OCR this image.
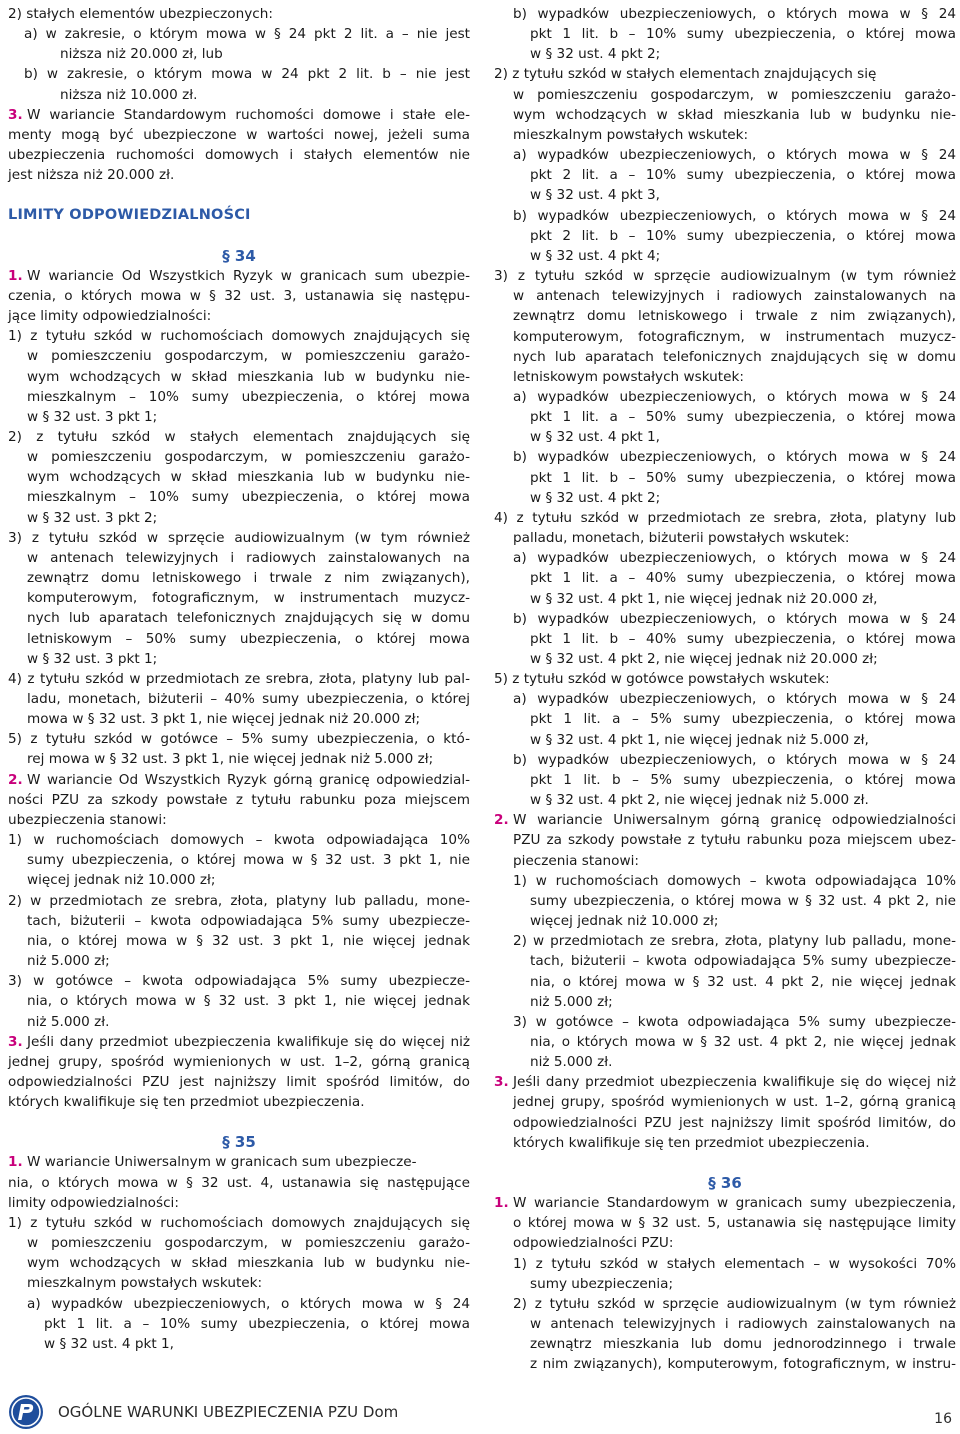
2) stałych elementów ubezpieczonych:
a) w zakresie, o którym mowa w § 24 pkt 2 lit. a – nie jest
niższa niż 20.000 zł, lub
b) w zakresie, o którym mowa w 24 pkt 2 lit. b – nie jest
niższa niż 10.000 zł.
3. W wariancie Standardowym ruchomości domowe i stałe ele-
menty mogą być ubezpieczone w wartości nowej, jeżeli suma
ubezpieczenia ruchomości domowych i stałych elementów nie
jest niższa niż 20.000 zł.
LIMITY ODPOWIEDZIALNOŚCI
§ 34
1. W wariancie Od Wszystkich Ryzyk w granicach sum ubezpie-
czenia, o których mowa w § 32 ust. 3, ustanawia się następu-
jące limity odpowiedzialności:
1) z tytułu szkód w ruchomościach domowych znajdujących się
w pomieszczeniu gospodarczym, w pomieszczeniu garażo-
wym wchodzących w skład mieszkania lub w budynku nie-
mieszkalnym – 10% sumy ubezpieczenia, o której mowa
w § 32 ust. 3 pkt 1;
2) z tytułu szkód w stałych elementach znajdujących się
w pomieszczeniu gospodarczym, w pomieszczeniu garażo-
wym wchodzących w skład mieszkania lub w budynku nie-
mieszkalnym – 10% sumy ubezpieczenia, o której mowa
w § 32 ust. 3 pkt 2;
3) z tytułu szkód w sprzęcie audiowizualnym (w tym również
w antenach telewizyjnych i radiowych zainstalowanych na
zewnątrz domu letniskowego i trwale z nim związanych),
komputerowym, fotograficznym, w instrumentach muzycz-
nych lub aparatach telefonicznych znajdujących się w domu
letniskowym – 50% sumy ubezpieczenia, o której mowa
w § 32 ust. 3 pkt 1;
4) z tytułu szkód w przedmiotach ze srebra, złota, platyny lub pal-
ladu, monetach, biżuterii – 40% sumy ubezpieczenia, o której
mowa w § 32 ust. 3 pkt 1, nie więcej jednak niż 20.000 zł;
5) z tytułu szkód w gotówce – 5% sumy ubezpieczenia, o któ-
rej mowa w § 32 ust. 3 pkt 1, nie więcej jednak niż 5.000 zł;
2. W wariancie Od Wszystkich Ryzyk górną granicę odpowiedzial-
ności PZU za szkody powstałe z tytułu rabunku poza miejscem
ubezpieczenia stanowi:
1) w ruchomościach domowych – kwota odpowiadająca 10%
sumy ubezpieczenia, o której mowa w § 32 ust. 3 pkt 1, nie
więcej jednak niż 10.000 zł;
2) w przedmiotach ze srebra, złota, platyny lub palladu, mone-
tach, biżuterii – kwota odpowiadająca 5% sumy ubezpiecze-
nia, o której mowa w § 32 ust. 3 pkt 1, nie więcej jednak
niż 5.000 zł;
3) w gotówce – kwota odpowiadająca 5% sumy ubezpiecze-
nia, o których mowa w § 32 ust. 3 pkt 1, nie więcej jednak
niż 5.000 zł.
3. Jeśli dany przedmiot ubezpieczenia kwalifikuje się do więcej niż
jednej grupy, spośród wymienionych w ust. 1–2, górną granicą
odpowiedzialności PZU jest najniższy limit spośród limitów, do
których kwalifikuje się ten przedmiot ubezpieczenia.
§ 35
1. W wariancie Uniwersalnym w granicach sum ubezpiecze-
nia, o których mowa w § 32 ust. 4, ustanawia się następujące
limity odpowiedzialności:
1) z tytułu szkód w ruchomościach domowych znajdujących się
w pomieszczeniu gospodarczym, w pomieszczeniu garażo-
wym wchodzących w skład mieszkania lub w budynku nie-
mieszkalnym powstałych wskutek:
a) wypadków ubezpieczeniowych, o których mowa w § 24
pkt 1 lit. a – 10% sumy ubezpieczenia, o której mowa
w § 32 ust. 4 pkt 1,
b) wypadków ubezpieczeniowych, o których mowa w § 24
pkt 1 lit. b – 10% sumy ubezpieczenia, o której mowa
w § 32 ust. 4 pkt 2;
2) z tytułu szkód w stałych elementach znajdujących się
w pomieszczeniu gospodarczym, w pomieszczeniu garażo-
wym wchodzących w skład mieszkania lub w budynku nie-
mieszkalnym powstałych wskutek:
a) wypadków ubezpieczeniowych, o których mowa w § 24
pkt 2 lit. a – 10% sumy ubezpieczenia, o której mowa
w § 32 ust. 4 pkt 3,
b) wypadków ubezpieczeniowych, o których mowa w § 24
pkt 2 lit. b – 10% sumy ubezpieczenia, o której mowa
w § 32 ust. 4 pkt 4;
3) z tytułu szkód w sprzęcie audiowizualnym (w tym również
w antenach telewizyjnych i radiowych zainstalowanych na
zewnątrz domu letniskowego i trwale z nim związanych),
komputerowym, fotograficznym, w instrumentach muzycz-
nych lub aparatach telefonicznych znajdujących się w domu
letniskowym powstałych wskutek:
a) wypadków ubezpieczeniowych, o których mowa w § 24
pkt 1 lit. a – 50% sumy ubezpieczenia, o której mowa
w § 32 ust. 4 pkt 1,
b) wypadków ubezpieczeniowych, o których mowa w § 24
pkt 1 lit. b – 50% sumy ubezpieczenia, o której mowa
w § 32 ust. 4 pkt 2;
4) z tytułu szkód w przedmiotach ze srebra, złota, platyny lub
palladu, monetach, biżuterii powstałych wskutek:
a) wypadków ubezpieczeniowych, o których mowa w § 24
pkt 1 lit. a – 40% sumy ubezpieczenia, o której mowa
w § 32 ust. 4 pkt 1, nie więcej jednak niż 20.000 zł,
b) wypadków ubezpieczeniowych, o których mowa w § 24
pkt 1 lit. b – 40% sumy ubezpieczenia, o której mowa
w § 32 ust. 4 pkt 2, nie więcej jednak niż 20.000 zł;
5) z tytułu szkód w gotówce powstałych wskutek:
a) wypadków ubezpieczeniowych, o których mowa w § 24
pkt 1 lit. a – 5% sumy ubezpieczenia, o której mowa
w § 32 ust. 4 pkt 1, nie więcej jednak niż 5.000 zł,
b) wypadków ubezpieczeniowych, o których mowa w § 24
pkt 1 lit. b – 5% sumy ubezpieczenia, o której mowa
w § 32 ust. 4 pkt 2, nie więcej jednak niż 5.000 zł.
2. W wariancie Uniwersalnym górną granicę odpowiedzialności
PZU za szkody powstałe z tytułu rabunku poza miejscem ubez-
pieczenia stanowi:
1) w ruchomościach domowych – kwota odpowiadająca 10%
sumy ubezpieczenia, o której mowa w § 32 ust. 4 pkt 2, nie
więcej jednak niż 10.000 zł;
2) w przedmiotach ze srebra, złota, platyny lub palladu, mone-
tach, biżuterii – kwota odpowiadająca 5% sumy ubezpiecze-
nia, o której mowa w § 32 ust. 4 pkt 2, nie więcej jednak
niż 5.000 zł;
3) w gotówce – kwota odpowiadająca 5% sumy ubezpiecze-
nia, o których mowa w § 32 ust. 4 pkt 2, nie więcej jednak
niż 5.000 zł.
3. Jeśli dany przedmiot ubezpieczenia kwalifikuje się do więcej niż
jednej grupy, spośród wymienionych w ust. 1–2, górną granicą
odpowiedzialności PZU jest najniższy limit spośród limitów, do
których kwalifikuje się ten przedmiot ubezpieczenia.
§ 36
1. W wariancie Standardowym w granicach sumy ubezpieczenia,
o której mowa w § 32 ust. 5, ustanawia się następujące limity
odpowiedzialności PZU:
1) z tytułu szkód w stałych elementach – w wysokości 70%
sumy ubezpieczenia;
2) z tytułu szkód w sprzęcie audiowizualnym (w tym również
w antenach telewizyjnych i radiowych zainstalowanych na
zewnątrz mieszkania lub domu jednorodzinnego i trwale
z nim związanych), komputerowym, fotograficznym, w instru-
OGÓLNE WARUNKI UBEZPIECZENIA PZU Dom	16
